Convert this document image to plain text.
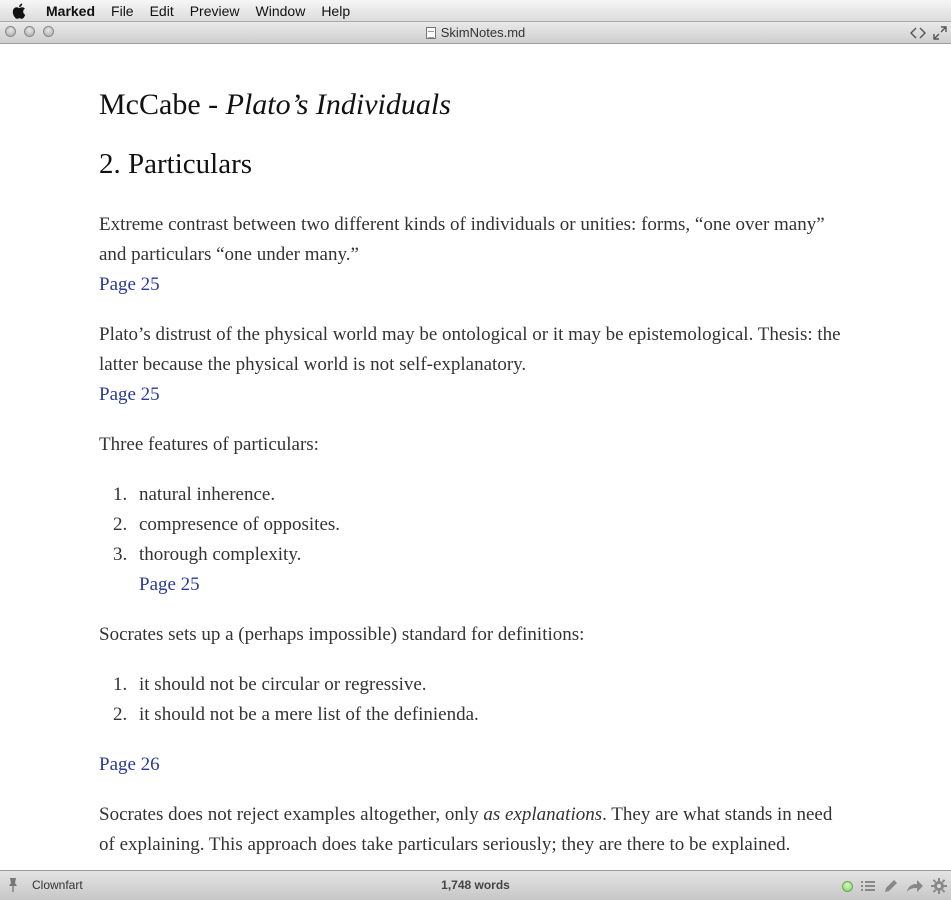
Marked	File	Edit	Preview	Window	Help
SkimNotes.md
McCabe - Plato’s Individuals
2. Particulars

Extreme contrast between two different kinds of individuals or unities: forms, “one over many” and particulars “one under many.”

Page 25

Plato’s distrust of the physical world may be ontological or it may be epistemological. Thesis: the latter because the physical world is not self-explanatory.

Page 25

Three features of particulars:

1. natural inherence.
2. compresence of opposites.
3. thorough complexity.
Page 25

Socrates sets up a (perhaps impossible) standard for definitions:

1. it should not be circular or regressive.
2. it should not be a mere list of the definienda.
Page 26

Socrates does not reject examples altogether, only as explanations. They are what stands in need of explaining. This approach does take particulars seriously; they are there to be explained.

Clownfart	1,748 words
